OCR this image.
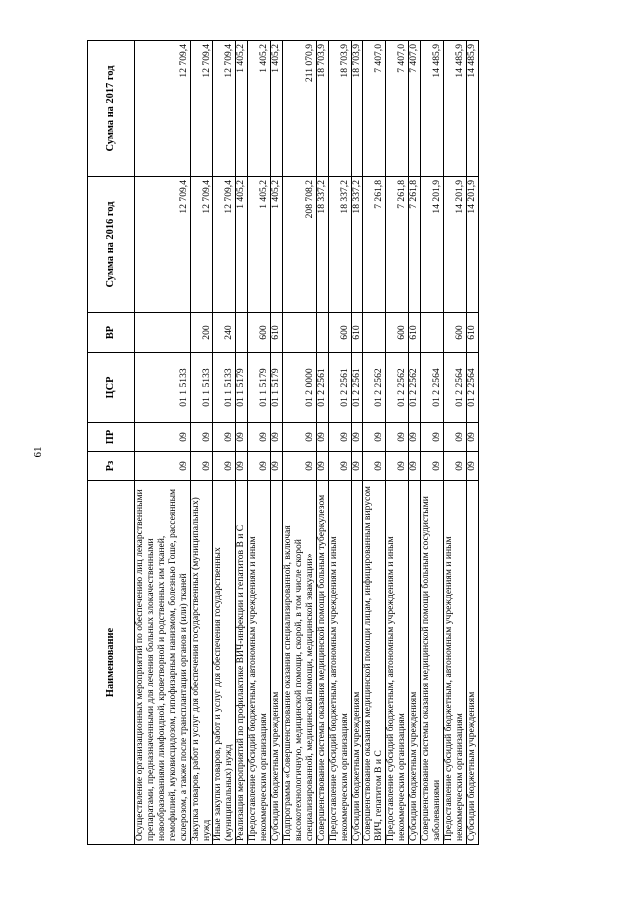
61
Наименование	Рз	ПР	ЦСР	ВР	Сумма на 2016 год	Сумма на 2017 год
Осуществление организационных мероприятий по обеспечению лиц лекарственными препаратами, предназначенными для лечения больных злокачественными новообразованиями лимфоидной, кроветворной и родственных им тканей, гемофилией, муковисцидозом, гипофизарным нанизмом, болезнью Гоше, рассеянным склерозом, а также после трансплантации органов и (или) тканей	09	09	01 1 5133		12 709,4	12 709,4
Закупка товаров, работ и услуг для обеспечения государственных (муниципальных) нужд	09	09	01 1 5133	200	12 709,4	12 709,4
Иные закупки товаров, работ и услуг для обеспечения государственных (муниципальных) нужд	09	09	01 1 5133	240	12 709,4	12 709,4
Реализация мероприятий по профилактике ВИЧ-инфекции и гепатитов В и С	09	09	01 1 5179		1 405,2	1 405,2
Предоставление субсидий бюджетным, автономным учреждениям и иным некоммерческим организациям	09	09	01 1 5179	600	1 405,2	1 405,2
Субсидии бюджетным учреждениям	09	09	01 1 5179	610	1 405,2	1 405,2
Подпрограмма «Совершенствование оказания специализированной, включая высокотехнологичную, медицинской помощи, скорой, в том числе скорой специализированной, медицинской помощи, медицинской эвакуации»	09	09	01 2 0000		208 708,2	211 070,9
Совершенствование системы оказания медицинской помощи больным туберкулезом	09	09	01 2 2561		18 337,2	18 703,9
Предоставление субсидий бюджетным, автономным учреждениям и иным некоммерческим организациям	09	09	01 2 2561	600	18 337,2	18 703,9
Субсидии бюджетным учреждениям	09	09	01 2 2561	610	18 337,2	18 703,9
Совершенствование оказания медицинской помощи лицам, инфицированным вирусом ВИЧ, гепатитом В и С	09	09	01 2 2562		7 261,8	7 407,0
Предоставление субсидий бюджетным, автономным учреждениям и иным некоммерческим организациям	09	09	01 2 2562	600	7 261,8	7 407,0
Субсидии бюджетным учреждениям	09	09	01 2 2562	610	7 261,8	7 407,0
Совершенствование системы оказания медицинской помощи больным сосудистыми заболеваниями	09	09	01 2 2564		14 201,9	14 485,9
Предоставление субсидий бюджетным, автономным учреждениям и иным некоммерческим организациям	09	09	01 2 2564	600	14 201,9	14 485,9
Субсидии бюджетным учреждениям	09	09	01 2 2564	610	14 201,9	14 485,9
